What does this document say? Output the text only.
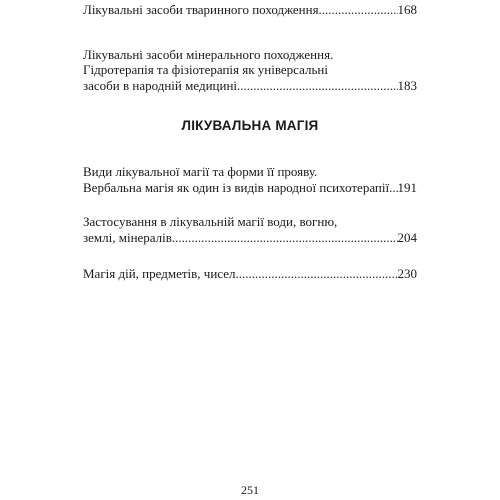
Лікувальні засоби тваринного походження .....	168
Лікувальні засоби мінерального походження.
Гідротерапія та фізіотерапія як універсальні
засоби в народній медицині .....	183
ЛІКУВАЛЬНА МАГІЯ
Види лікувальної магії та форми її прояву.
Вербальна магія як один із видів народної психотерапії ..... 191
Застосування в лікувальній магії води, вогню,
землі, мінералів .....	204
Магія дій, предметів, чисел .....	230
251
